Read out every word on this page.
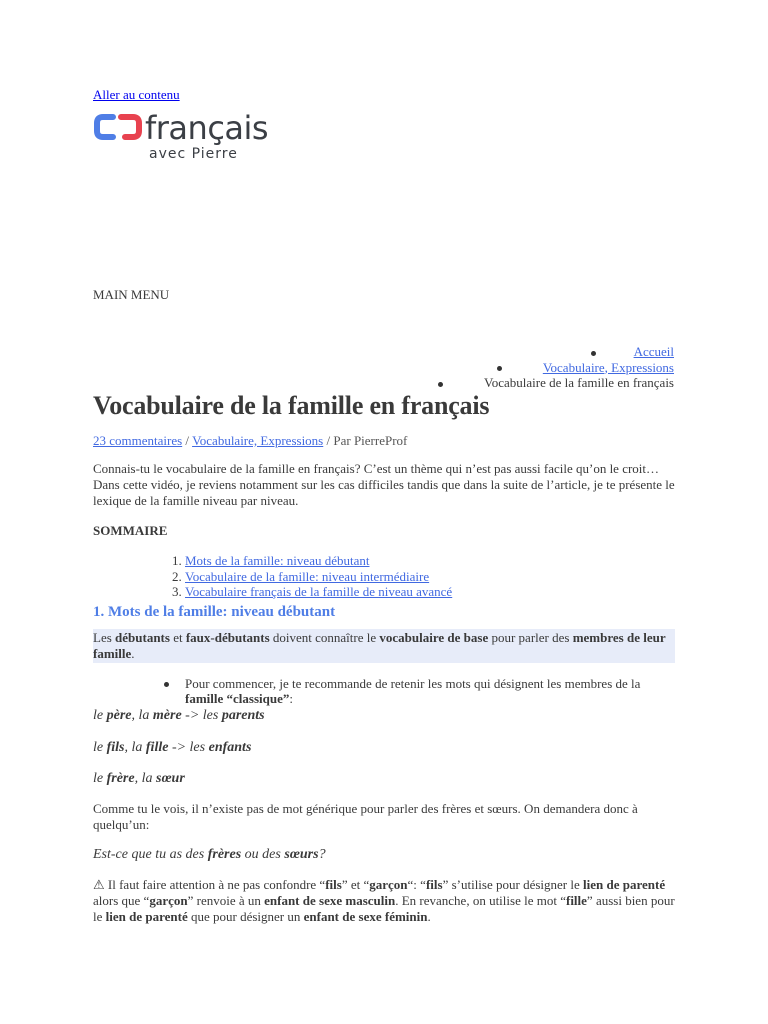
Aller au contenu
français
avec Pierre
MAIN MENU
Accueil
Vocabulaire, Expressions
Vocabulaire de la famille en français
Vocabulaire de la famille en français
23 commentaires / Vocabulaire, Expressions / Par PierreProf

Connais-tu le vocabulaire de la famille en français? C’est un thème qui n’est pas aussi facile qu’on le croit… Dans cette vidéo, je reviens notamment sur les cas difficiles tandis que dans la suite de l’article, je te présente le lexique de la famille niveau par niveau.

SOMMAIRE

1. Mots de la famille: niveau débutant
2. Vocabulaire de la famille: niveau intermédiaire
3. Vocabulaire français de la famille de niveau avancé
1. Mots de la famille: niveau débutant

Les débutants et faux-débutants doivent connaître le vocabulaire de base pour parler des membres de leur famille.

Pour commencer, je te recommande de retenir les mots qui désignent les membres de la famille “classique”:

le père, la mère -> les parents

le fils, la fille -> les enfants

le frère, la sœur

Comme tu le vois, il n’existe pas de mot générique pour parler des frères et sœurs. On demandera donc à quelqu’un:

Est-ce que tu as des frères ou des sœurs?

⚠ Il faut faire attention à ne pas confondre “fils” et “garçon“: “fils” s’utilise pour désigner le lien de parenté alors que “garçon” renvoie à un enfant de sexe masculin. En revanche, on utilise le mot “fille” aussi bien pour le lien de parenté que pour désigner un enfant de sexe féminin.
